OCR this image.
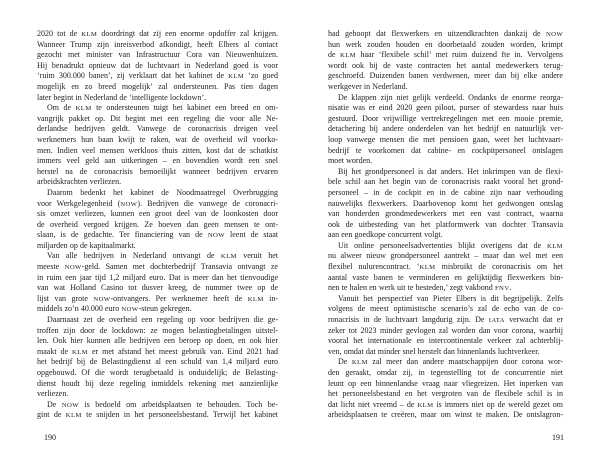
2020 tot de KLM doordringt dat zij een enorme opdoffer zal krijgen.
Wanneer Trump zijn inreisverbod afkondigt, heeft Elbers al contact
gezocht met minister van Infrastructuur Cora van Nieuwenhuizen.
Hij benadrukt opnieuw dat de luchtvaart in Nederland goed is voor
‘ruim 300.000 banen’, zij verklaart dat het kabinet de KLM ‘zo goed
mogelijk en zo breed mogelijk’ zal ondersteunen. Pas tien dagen
later begint in Nederland de ‘intelligente lockdown’.
Om de KLM te ondersteunen tuigt het kabinet een breed en om-
vangrijk pakket op. Dit begint met een regeling die voor alle Ne-
derlandse bedrijven geldt. Vanwege de coronacrisis dreigen veel
werknemers hun baan kwijt te raken, wat de overheid wil voorko-
men. Indien veel mensen werkloos thuis zitten, kost dat de schatkist
immers veel geld aan uitkeringen – en bovendien wordt een snel
herstel na de coronacrisis bemoeilijkt wanneer bedrijven ervaren
arbeidskrachten verliezen.
Daarom bedenkt het kabinet de Noodmaatregel Overbrugging
voor Werkgelegenheid (NOW). Bedrijven die vanwege de coronacri-
sis omzet verliezen, kunnen een groot deel van de loonkosten door
de overheid vergoed krijgen. Ze hoeven dan geen mensen te ont-
slaan, is de gedachte. Ter financiering van de NOW leent de staat
miljarden op de kapitaalmarkt.
Van alle bedrijven in Nederland ontvangt de KLM veruit het
meeste NOW-geld. Samen met dochterbedrijf Transavia ontvangt ze
in ruim een jaar tijd 1,2 miljard euro. Dat is meer dan het tienvoudige
van wat Holland Casino tot dusver kreeg, de nummer twee op de
lijst van grote NOW-ontvangers. Per werknemer heeft de KLM in-
middels zo’n 40.000 euro NOW-steun gekregen.
Daarnaast zet de overheid een regeling op voor bedrijven die ge-
troffen zijn door de lockdown: ze mogen belastingbetalingen uitstel-
len. Ook hier kunnen alle bedrijven een beroep op doen, en ook hier
maakt de KLM er met afstand het meest gebruik van. Eind 2021 had
het bedrijf bij de Belastingdienst al een schuld van 1,4 miljard euro
opgebouwd. Of die wordt terugbetaald is onduidelijk; de Belasting-
dienst houdt bij deze regeling inmiddels rekening met aanzienlijke
verliezen.
De NOW is bedoeld om arbeidsplaatsen te behouden. Toch be-
gint de KLM te snijden in het personeelsbestand. Terwijl het kabinet
190
had gehoopt dat flexwerkers en uitzendkrachten dankzij de NOW
hun werk zouden houden en doorbetaald zouden worden, krimpt
de KLM haar ‘flexibele schil’ met ruim duizend fte in. Vervolgens
wordt ook bij de vaste contracten het aantal medewerkers terug-
geschroefd. Duizenden banen verdwenen, meer dan bij elke andere
werkgever in Nederland.
De klappen zijn niet gelijk verdeeld. Ondanks de enorme reorga-
nisatie was er eind 2020 geen piloot, purser of stewardess naar huis
gestuurd. Door vrijwillige vertrekregelingen met een mooie premie,
detachering bij andere onderdelen van het bedrijf en natuurlijk ver-
loop vanwege mensen die met pensioen gaan, weet het luchtvaart-
bedrijf te voorkomen dat cabine- en cockpitpersoneel ontslagen
moet worden.
Bij het grondpersoneel is dat anders. Het inkrimpen van de flexi-
bele schil aan het begin van de coronacrisis raakt vooral het grond-
personeel – in de cockpit en in de cabine zijn naar verhouding
nauwelijks flexwerkers. Daarbovenop komt het gedwongen ontslag
van honderden grondmedewerkers met een vast contract, waarna
ook de uitbesteding van het platformwerk van dochter Transavia
aan een goedkope concurrent volgt.
Uit online personeelsadvertenties blijkt overigens dat de KLM
nu alweer nieuw grondpersoneel aantrekt – maar dan wel met een
flexibel nulurencontract. ‘KLM misbruikt de coronacrisis om het
aantal vaste banen te verminderen en gelijktijdig flexwerkers bin-
nen te halen en werk uit te besteden,’ zegt vakbond FNV.
Vanuit het perspectief van Pieter Elbers is dit begrijpelijk. Zelfs
volgens de meest optimistische scenario’s zal de echo van de co-
ronacrisis in de luchtvaart langdurig zijn. De IATA verwacht dat er
zeker tot 2023 minder gevlogen zal worden dan voor corona, waarbij
vooral het internationale en intercontinentale verkeer zal achterblij-
ven, omdat dat minder snel herstelt dan binnenlands luchtverkeer.
De KLM zal meer dan andere maatschappijen door corona wor-
den geraakt, omdat zij, in tegenstelling tot de concurrentie niet
leunt op een binnenlandse vraag naar vliegreizen. Het inperken van
het personeelsbestand en het vergroten van de flexibele schil is in
dat licht niet vreemd – de KLM is immers niet op de wereld gezet om
arbeidsplaatsen te creëren, maar om winst te maken. De ontslagron-
191
